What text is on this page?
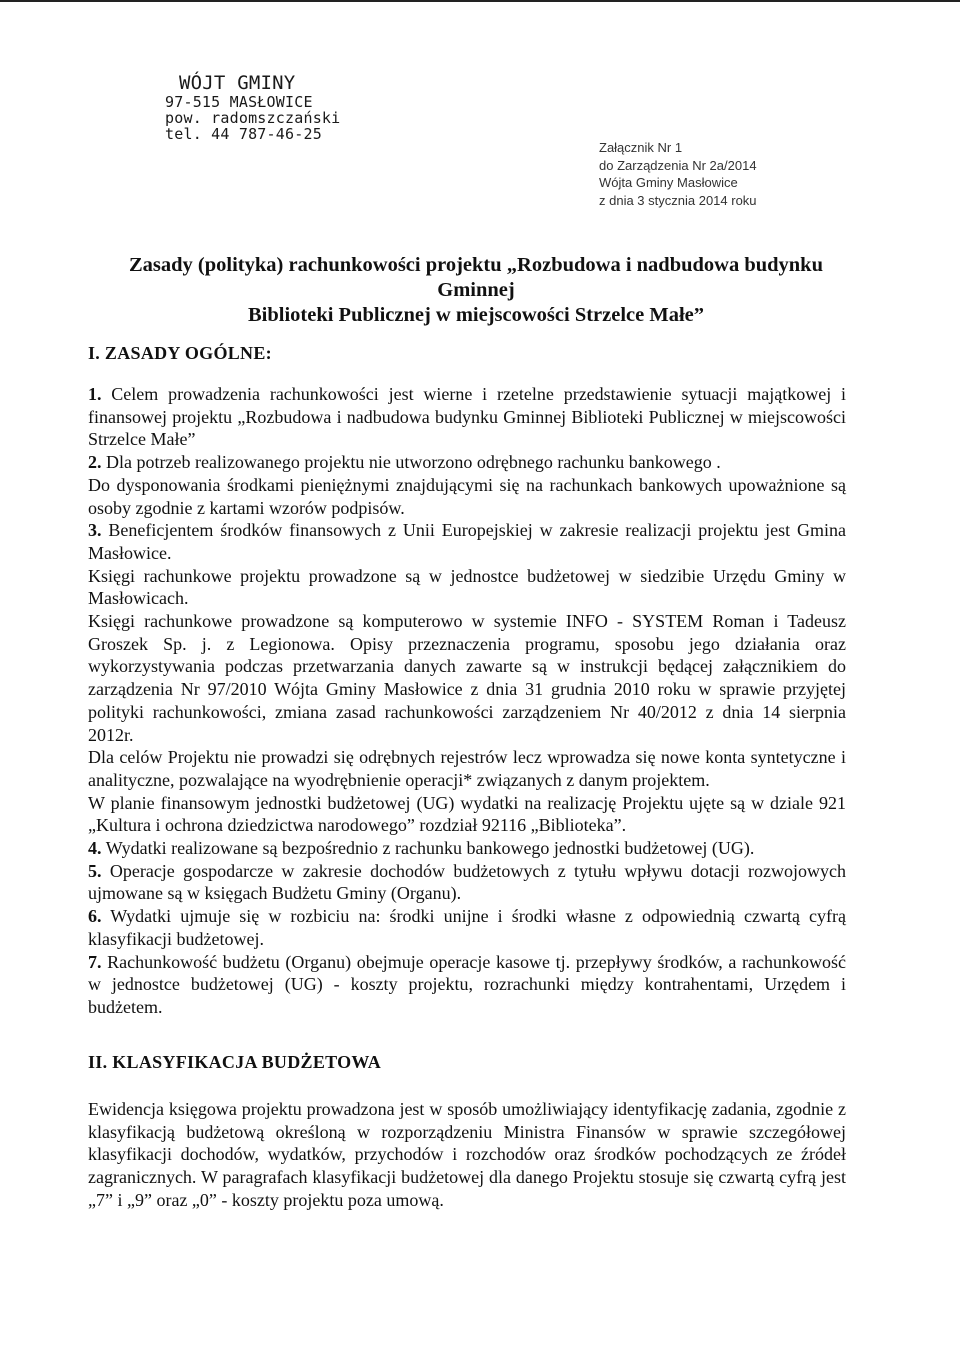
WÓJT GMINY
97-515 MASŁOWICE
pow. radomszczański
tel. 44 787-46-25
Załącznik Nr 1
do Zarządzenia Nr 2a/2014
Wójta Gminy Masłowice
z dnia 3 stycznia 2014 roku
Zasady (polityka) rachunkowości projektu „Rozbudowa i nadbudowa budynku Gminnej
Biblioteki Publicznej w miejscowości Strzelce Małe”
I. ZASADY OGÓLNE:

1. Celem prowadzenia rachunkowości jest wierne i rzetelne przedstawienie sytuacji majątkowej i finansowej projektu „Rozbudowa i nadbudowa budynku Gminnej Biblioteki Publicznej w miejscowości Strzelce Małe”

2. Dla potrzeb realizowanego projektu nie utworzono odrębnego rachunku bankowego .

Do dysponowania środkami pieniężnymi znajdującymi się na rachunkach bankowych upoważnione są osoby zgodnie z kartami wzorów podpisów.

3. Beneficjentem środków finansowych z Unii Europejskiej w zakresie realizacji projektu jest Gmina Masłowice.

Księgi rachunkowe projektu prowadzone są w jednostce budżetowej w siedzibie Urzędu Gminy w Masłowicach.

Księgi rachunkowe prowadzone są komputerowo w systemie INFO - SYSTEM Roman i Tadeusz Groszek Sp. j. z Legionowa. Opisy przeznaczenia programu, sposobu jego działania oraz wykorzystywania podczas przetwarzania danych zawarte są w instrukcji będącej załącznikiem do zarządzenia Nr 97/2010 Wójta Gminy Masłowice z dnia 31 grudnia 2010 roku w sprawie przyjętej polityki rachunkowości, zmiana zasad rachunkowości zarządzeniem Nr 40/2012 z dnia 14 sierpnia 2012r.

Dla celów Projektu nie prowadzi się odrębnych rejestrów lecz wprowadza się nowe konta syntetyczne i analityczne, pozwalające na wyodrębnienie operacji* związanych z danym projektem.

W planie finansowym jednostki budżetowej (UG) wydatki na realizację Projektu ujęte są w dziale 921 „Kultura i ochrona dziedzictwa narodowego” rozdział 92116 „Biblioteka”.

4. Wydatki realizowane są bezpośrednio z rachunku bankowego jednostki budżetowej (UG).

5. Operacje gospodarcze w zakresie dochodów budżetowych z tytułu wpływu dotacji rozwojowych ujmowane są w księgach Budżetu Gminy (Organu).

6. Wydatki ujmuje się w rozbiciu na: środki unijne i środki własne z odpowiednią czwartą cyfrą klasyfikacji budżetowej.

7. Rachunkowość budżetu (Organu) obejmuje operacje kasowe tj. przepływy środków, a rachunkowość w jednostce budżetowej (UG) - koszty projektu, rozrachunki między kontrahentami, Urzędem i budżetem.

II. KLASYFIKACJA BUDŻETOWA

Ewidencja księgowa projektu prowadzona jest w sposób umożliwiający identyfikację zadania, zgodnie z klasyfikacją budżetową określoną w rozporządzeniu Ministra Finansów w sprawie szczegółowej klasyfikacji dochodów, wydatków, przychodów i rozchodów oraz środków pochodzących ze źródeł zagranicznych. W paragrafach klasyfikacji budżetowej dla danego Projektu stosuje się czwartą cyfrą jest „7” i „9” oraz „0” - koszty projektu poza umową.
